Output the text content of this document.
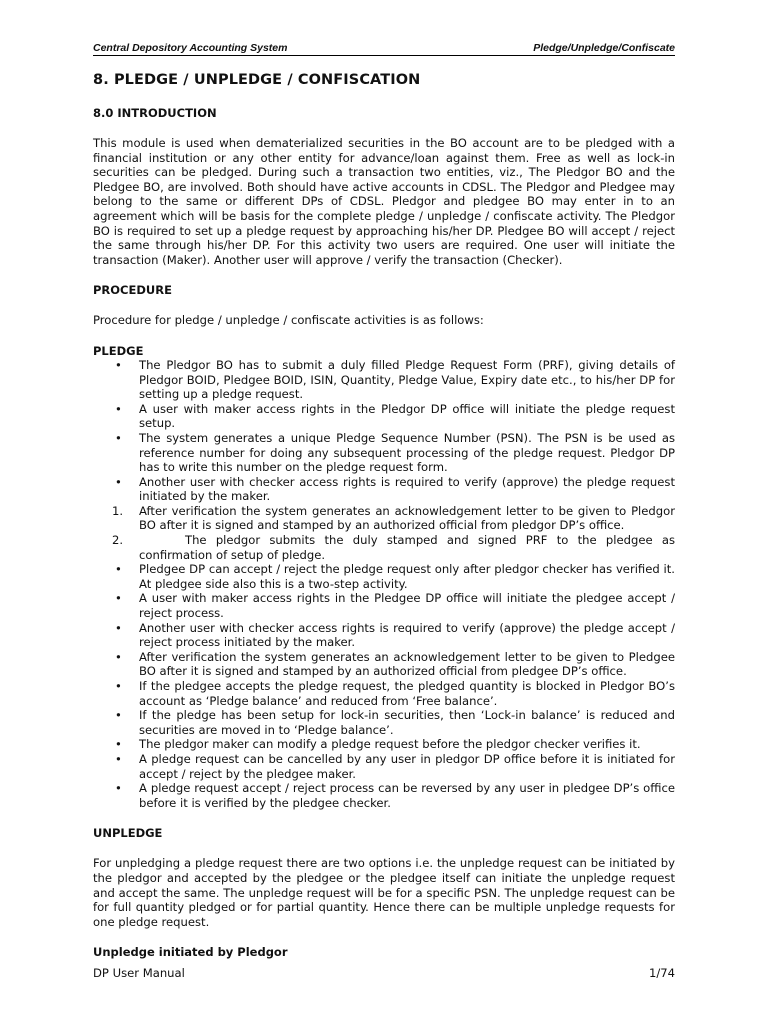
Central Depository Accounting System	Pledge/Unpledge/Confiscate
8. PLEDGE / UNPLEDGE / CONFISCATION
8.0 INTRODUCTION

This module is used when dematerialized securities in the BO account are to be pledged with a financial institution or any other entity for advance/loan against them. Free as well as lock-in securities can be pledged. During such a transaction two entities, viz., The Pledgor BO and the Pledgee BO, are involved. Both should have active accounts in CDSL. The Pledgor and Pledgee may belong to the same or different DPs of CDSL. Pledgor and pledgee BO may enter in to an agreement which will be basis for the complete pledge / unpledge / confiscate activity. The Pledgor BO is required to set up a pledge request by approaching his/her DP. Pledgee BO will accept / reject the same through his/her DP. For this activity two users are required. One user will initiate the transaction (Maker). Another user will approve / verify the transaction (Checker).

PROCEDURE

Procedure for pledge / unpledge / confiscate activities is as follows:

PLEDGE
•	The Pledgor BO has to submit a duly filled Pledge Request Form (PRF), giving details of Pledgor BOID, Pledgee BOID, ISIN, Quantity, Pledge Value, Expiry date etc., to his/her DP for setting up a pledge request.
•	A user with maker access rights in the Pledgor DP office will initiate the pledge request setup.
•	The system generates a unique Pledge Sequence Number (PSN). The PSN is be used as reference number for doing any subsequent processing of the pledge request. Pledgor DP has to write this number on the pledge request form.
•	Another user with checker access rights is required to verify (approve) the pledge request initiated by the maker.
1. After verification the system generates an acknowledgement letter to be given to Pledgor BO after it is signed and stamped by an authorized official from pledgor DP’s office.
2.	The pledgor submits the duly stamped and signed PRF to the pledgee as confirmation of setup of pledge.
•	Pledgee DP can accept / reject the pledge request only after pledgor checker has verified it. At pledgee side also this is a two-step activity.
•	A user with maker access rights in the Pledgee DP office will initiate the pledgee accept / reject process.
•	Another user with checker access rights is required to verify (approve) the pledge accept / reject process initiated by the maker.
•	After verification the system generates an acknowledgement letter to be given to Pledgee BO after it is signed and stamped by an authorized official from pledgee DP’s office.
•	If the pledgee accepts the pledge request, the pledged quantity is blocked in Pledgor BO’s account as ‘Pledge balance’ and reduced from ‘Free balance’.
•	If the pledge has been setup for lock-in securities, then ‘Lock-in balance’ is reduced and securities are moved in to ‘Pledge balance’.
•	The pledgor maker can modify a pledge request before the pledgor checker verifies it.
•	A pledge request can be cancelled by any user in pledgor DP office before it is initiated for accept / reject by the pledgee maker.
•	A pledge request accept / reject process can be reversed by any user in pledgee DP’s office before it is verified by the pledgee checker.
UNPLEDGE

For unpledging a pledge request there are two options i.e. the unpledge request can be initiated by the pledgor and accepted by the pledgee or the pledgee itself can initiate the unpledge request and accept the same. The unpledge request will be for a specific PSN. The unpledge request can be for full quantity pledged or for partial quantity. Hence there can be multiple unpledge requests for one pledge request.

Unpledge initiated by Pledgor
DP User Manual	1/74
